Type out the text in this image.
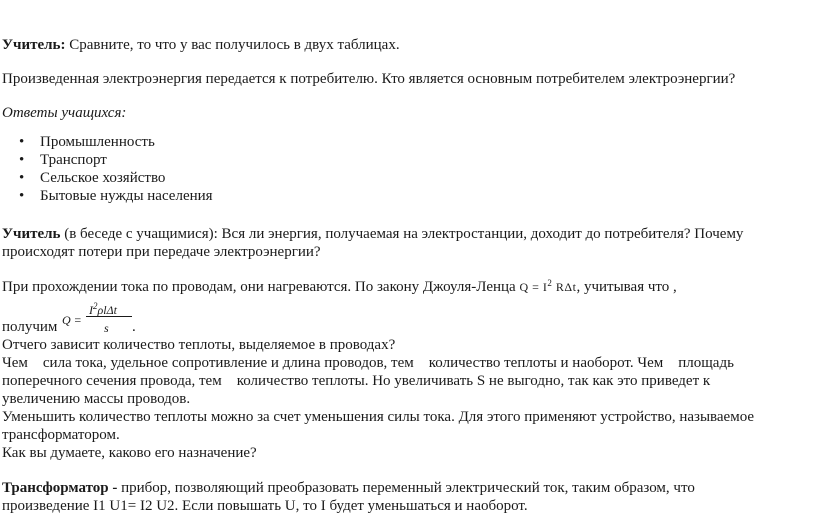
Учитель: Сравните, то что у вас получилось в двух таблицах.

Произведенная электроэнергия передается к потребителю. Кто является основным потребителем электроэнергии?

Ответы учащихся:

• Промышленность
• Транспорт
• Сельское хозяйство
• Бытовые нужды населения

Учитель (в беседе с учащимися): Вся ли энергия, получаемая на электростанции, доходит до потребителя? Почему

происходят потери при передаче электроэнергии?

При прохождении тока по проводам, они нагреваются. По закону Джоуля-Ленца $Q = I^2$ RΔt, учитывая что ,

получим Q =
$I^2\rho l\Delta t$
s .

Отчего зависит количество теплоты, выделяемое в проводах?

Чем    сила тока, удельное сопротивление и длина проводов, тем    количество теплоты и наоборот. Чем    площадь

поперечного сечения провода, тем    количество теплоты. Но увеличивать S не выгодно, так как это приведет к

увеличению массы проводов.

Уменьшить количество теплоты можно за счет уменьшения силы тока. Для этого применяют устройство, называемое

трансформатором.

Как вы думаете, каково его назначение?

Трансформатор - прибор, позволяющий преобразовать переменный электрический ток, таким образом, что

произведение I1 U1= I2 U2. Если повышать U, то I будет уменьшаться и наоборот.
